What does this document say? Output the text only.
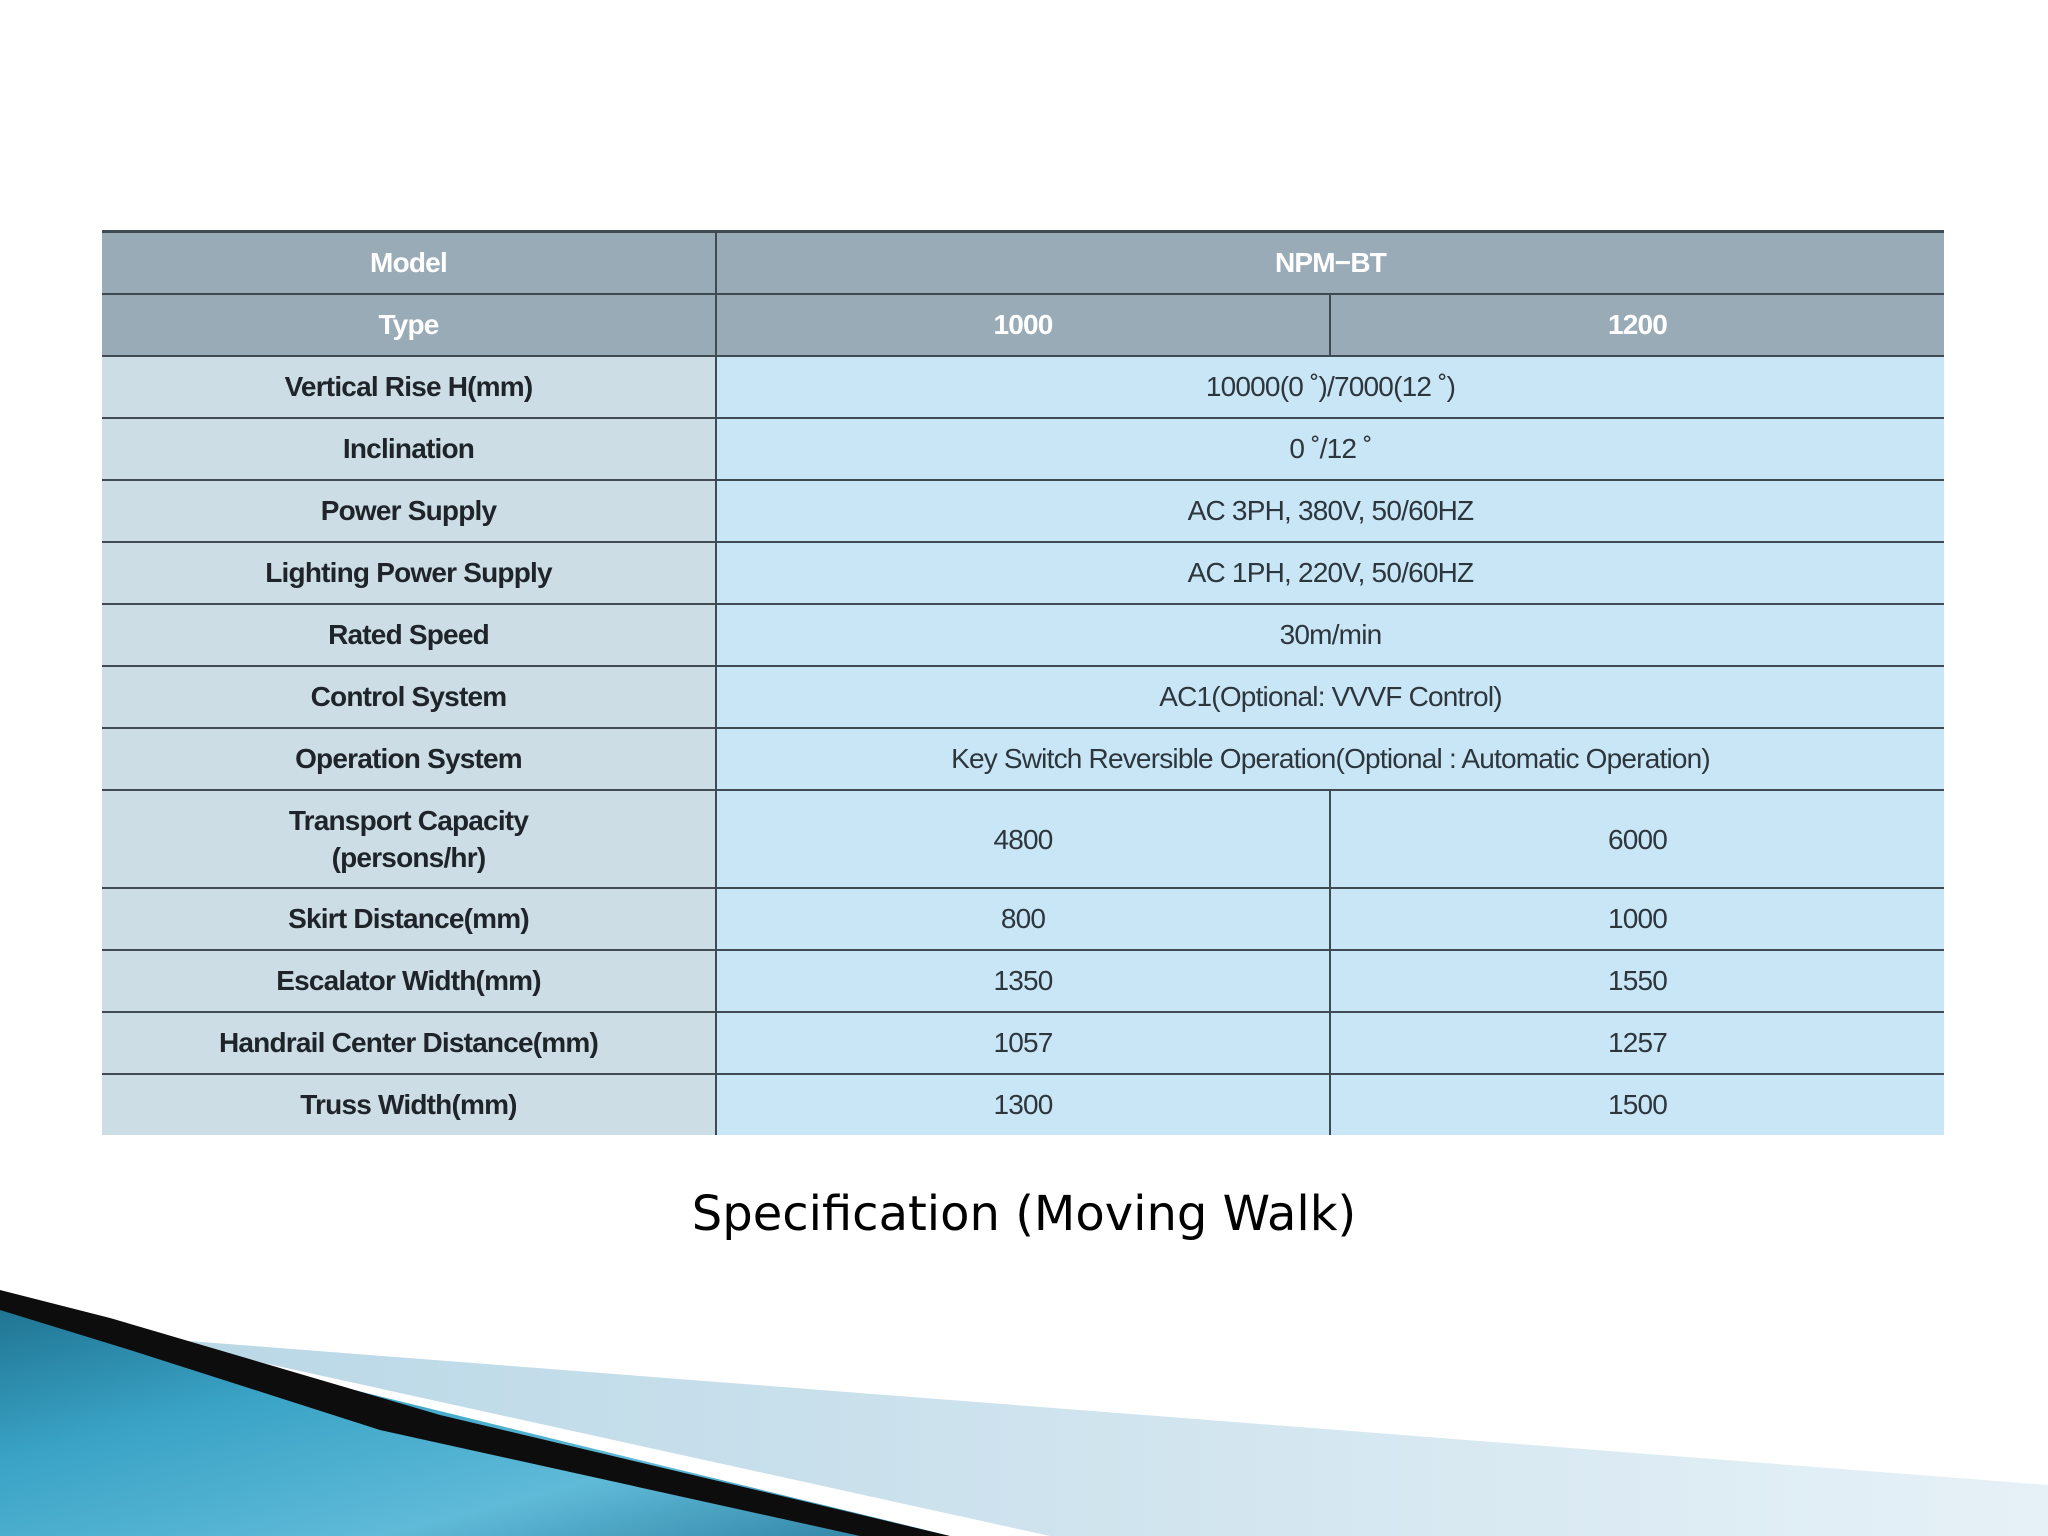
Model	NPM−BT	
Type	1000	1200
Vertical Rise H(mm)	10000(0 ˚)/7000(12 ˚)	
Inclination	0 ˚/12 ˚	
Power Supply	AC 3PH, 380V, 50/60HZ	
Lighting Power Supply	AC 1PH, 220V, 50/60HZ	
Rated Speed	30m/min	
Control System	AC1(Optional: VVVF Control)	
Operation System	Key Switch Reversible Operation(Optional : Automatic Operation)	

Transport Capacity
(persons/hr)	4800	6000
Skirt Distance(mm)	800	1000
Escalator Width(mm)	1350	1550
Handrail Center Distance(mm)	1057	1257
Truss Width(mm)	1300	1500
Specification (Moving Walk)
